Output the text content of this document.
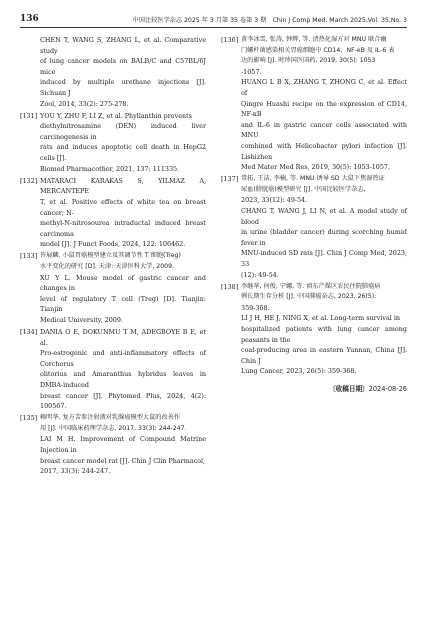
136	中国比较医学杂志 2025 年 3 月第 35 卷第 3 期　Chin J Comp Med, March 2025,Vol. 35,No. 3
CHEN T, WANG S, ZHANG L, et al. Comparative study
of lung cancer models on BALB/C and C57BL/6J mice
induced by multiple urethane injections [J]. Sichuan J
Zool, 2014, 33(2): 275-278.
[131] YOU Y, ZHU F, LI Z, et al. Phyllanthin prevents
diethylnitrosamine (DEN) induced liver carcinogenesis in
rats and induces apoptotic cell death in HepG2 cells [J].
Biomed Pharmacother, 2021, 137: 111335.
[132] MATARACI KARAKAS S, YILMAZ A, MERCANTEPE
T, et al. Positive effects of white tea on breast cancer; N-
methyl-N-nitrosourea intraductal induced breast carcinoma
model [J]. J Funct Foods, 2024, 122: 106462.
[133] 许展麟. 小鼠胃癌模型建立及其调节性 T 细胞(Treg)
水平变化的研究 [D]. 天津: 天津医科大学, 2009.
XU Y L. Mouse model of gastric cancer and changes in
level of regulatory T cell (Treg) [D]. Tianjin: Tianjin
Medical University, 2009.
[134] DANIA O E, DOKUNMU T M, ADEGBOYE B E, et al.
Pro-estrogenic and anti-inflammatory effects of Corchorus
olitorius and Amaranthus hybridus leaves in DMBA-induced
breast cancer [J]. Phytomed Plus, 2024, 4(2): 100567.
[135] 赖明华. 复方苦参注射液对乳腺癌模型大鼠的改善作
用 [J]. 中国临床药理学杂志, 2017, 33(3): 244-247.
LAI M H. Improvement of Compound Matrine Injection in
breast cancer model rat [J]. Chin J Clin Pharmacol,
2017, 33(3): 244-247.
[136] 黄李冰雪, 张涛, 钟辉, 等. 清热化湿方对 MNU 联合幽
门螺杆菌感染相关胃癌细胞中 CD14、NF-κB 及 IL-6 表
达的影响 [J]. 时珍国医国药, 2019, 30(5): 1053
-1057.
HUANG L B X, ZHANG T, ZHONG C, et al. Effect of
Qingre Huashi recipe on the expression of CD14, NF-κB
and IL-6 in gastric cancer cells associated with MNU
combined with Helicobacter pylori infection [J]. Lishizhen
Med Mater Med Res, 2019, 30(5): 1053-1057.
[137] 常拓, 王洁, 李楠, 等. MNU 诱导 SD 大鼠下焦湿热证
尿血(膀胱癌)模型研究 [J]. 中国比较医学杂志,
2023, 33(12): 49-54.
CHANG T, WANG J, LI N, et al. A model study of blood
in urine (bladder cancer) during scorching humid fever in
MNU-induced SD rats [J]. Chin J Comp Med, 2023, 33
(12): 49-54.
[138] 李继华, 何俊, 宁娜, 等. 滇东产煤区农民住院肺癌病
例长期生存分析 [J]. 中国肺癌杂志, 2023, 26(5):
359-368.
LI J H, HE J, NING X, et al. Long-term survival in
hospitalized patients with lung cancer among peasants in the
coal-producing area in eastern Yunnan, China [J]. Chin J
Lung Cancer, 2023, 26(5): 359-368.
〔收稿日期〕2024-08-26
